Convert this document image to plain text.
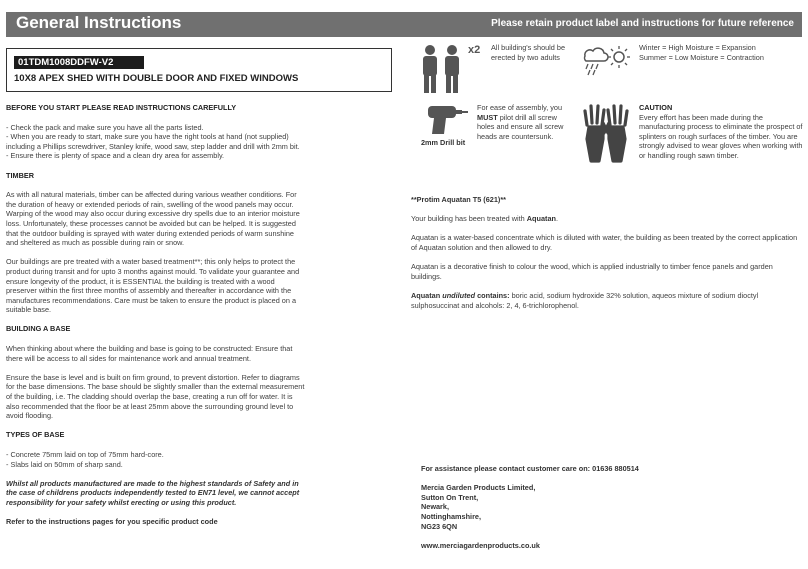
General Instructions	Please retain product label and instructions for future reference
01TDM1008DDFW-V2
10X8 APEX SHED WITH DOUBLE DOOR AND FIXED WINDOWS

BEFORE YOU START PLEASE READ INSTRUCTIONS CAREFULLY

- Check the pack and make sure you have all the parts listed.
- When you are ready to start, make sure you have the right tools at hand (not supplied) including a Phillips screwdriver, Stanley knife, wood saw, step ladder and drill with 2mm bit.
- Ensure there is plenty of space and a clean dry area for assembly.

TIMBER

As with all natural materials, timber can be affected during various weather conditions. For the duration of heavy or extended periods of rain, swelling of the wood panels may occur. Warping of the wood may also occur during excessive dry spells due to an interior moisture loss. Unfortunately, these processes cannot be avoided but can be helped. It is suggested that the outdoor building is sprayed with water during extended periods of warm sunshine and sheltered as much as possible during rain or snow.

Our buildings are pre treated with a water based treatment**; this only helps to protect the product during transit and for upto 3 months against mould. To validate your guarantee and ensure longevity of the product, it is ESSENTIAL the building is treated with a wood preserver within the first three months of assembly and thereafter in accordance with the manufactures recommendations. Care must be taken to ensure the product is placed on a suitable base.

BUILDING A BASE

When thinking about where the building and base is going to be constructed: Ensure that there will be access to all sides for maintenance work and annual treatment.

Ensure the base is level and is built on firm ground, to prevent distortion. Refer to diagrams for the base dimensions. The base should be slightly smaller than the external measurement of the building, i.e. The cladding should overlap the base, creating a run off for water. It is also recommended that the floor be at least 25mm above the surrounding ground level to avoid flooding.

TYPES OF BASE

- Concrete 75mm laid on top of 75mm hard-core.
- Slabs laid on 50mm of sharp sand.

Whilst all products manufactured are made to the highest standards of Safety and in the case of childrens products independently tested to EN71 level, we cannot accept responsibility for your safety whilst erecting or using this product.

Refer to the instructions pages for you specific product code

x2 All building's should be erected by two adults
Winter = High Moisture = Expansion
Summer = Low Moisture = Contraction
2mm Drill bit
For ease of assembly, you
MUST pilot drill all screw holes and ensure all screw heads are countersunk.
CAUTION
Every effort has been made during the manufacturing process to eliminate the prospect of splinters on rough surfaces of the timber. You are strongly advised to wear gloves when working with or handling rough sawn timber.

**Protim Aquatan T5 (621)**

Your building has been treated with Aquatan.

Aquatan is a water-based concentrate which is diluted with water, the building as been treated by the correct application of Aquatan solution and then allowed to dry.

Aquatan is a decorative finish to colour the wood, which is applied industrially to timber fence panels and garden buildings.

Aquatan undiluted contains: boric acid, sodium hydroxide 32% solution, aqueos mixture of sodium dioctyl sulphosuccinat and alcohols: 2, 4, 6-trichlorophenol.

For assistance please contact customer care on: 01636 880514

Mercia Garden Products Limited,
Sutton On Trent,
Newark,
Nottinghamshire,
NG23 6QN

www.merciagardenproducts.co.uk
